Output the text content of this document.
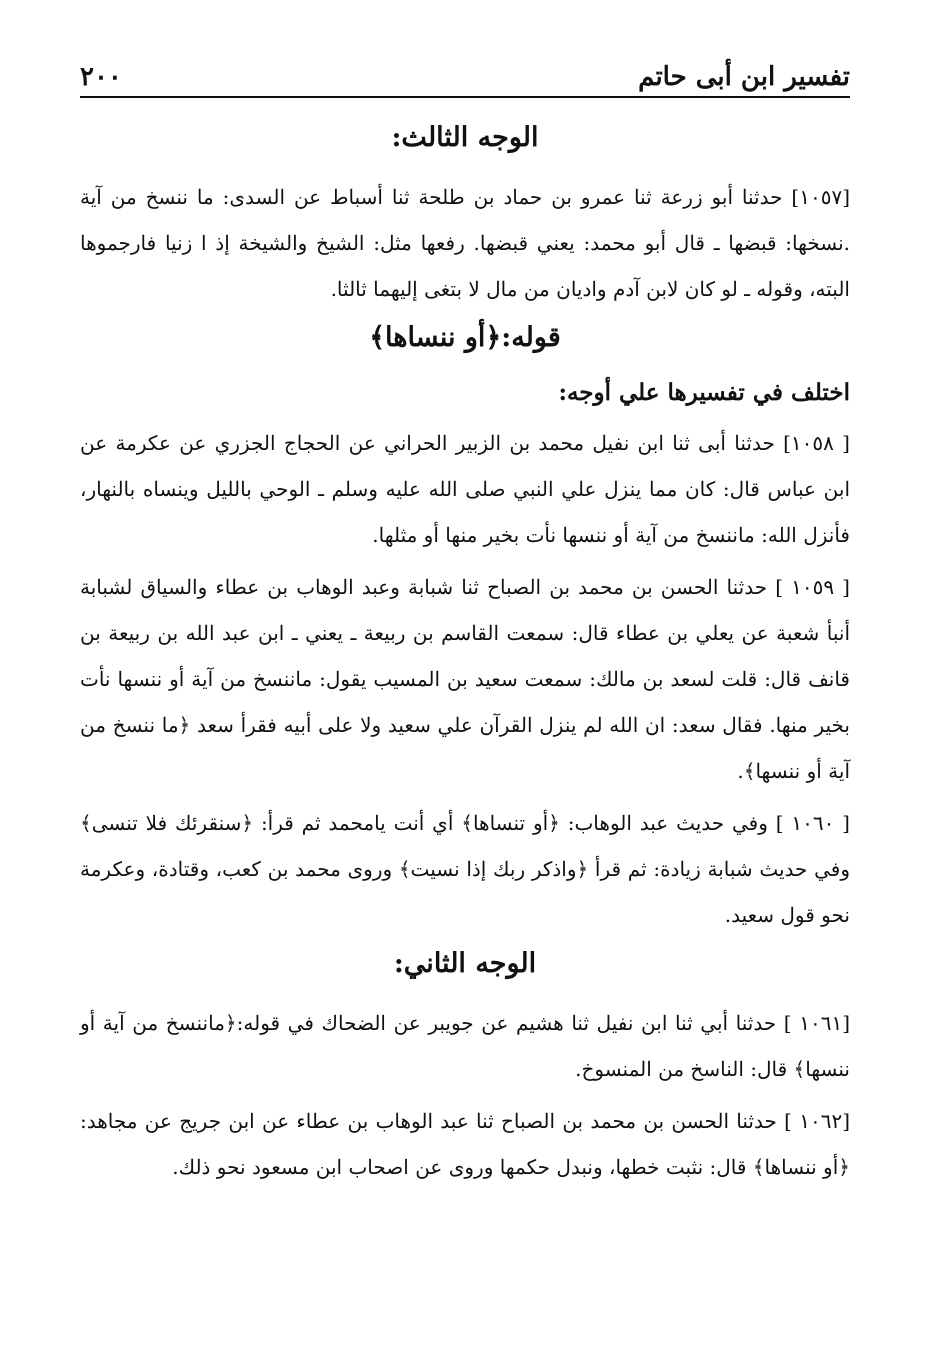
تفسير ابن أبى حاتم
٢٠٠
الوجه الثالث:

[١٠٥٧] حدثنا أبو زرعة ثنا عمرو بن حماد بن طلحة ثنا أسباط عن السدى: ما ننسخ من آية .نسخها: قبضها ـ قال أبو محمد: يعني قبضها. رفعها مثل: الشيخ والشيخة إذ ا زنيا فارجموها البته، وقوله ـ لو كان لابن آدم واديان من مال لا بتغى إليهما ثالثا.

قوله:﴿أو ننساها﴾
اختلف في تفسيرها علي أوجه:

[ ١٠٥٨] حدثنا أبى ثنا ابن نفيل محمد بن الزبير الحراني عن الحجاج الجزري عن عكرمة عن ابن عباس قال: كان مما ينزل علي النبي صلى الله عليه وسلم ـ الوحي بالليل وينساه بالنهار، فأنزل الله: ماننسخ من آية أو ننسها نأت بخير منها أو مثلها.

[ ١٠٥٩ ] حدثنا الحسن بن محمد بن الصباح ثنا شبابة وعبد الوهاب بن عطاء والسياق لشبابة أنبأ شعبة عن يعلي بن عطاء قال: سمعت القاسم بن ربيعة ـ يعني ـ ابن عبد الله بن ربيعة بن قانف قال: قلت لسعد بن مالك: سمعت سعيد بن المسيب يقول: ماننسخ من آية أو ننسها نأت بخير منها. فقال سعد: ان الله لم ينزل القرآن علي سعيد ولا على أبيه فقرأ سعد ﴿ما ننسخ من آية أو ننسها﴾.

[ ١٠٦٠ ] وفي حديث عبد الوهاب: ﴿أو تنساها﴾ أي أنت يامحمد ثم قرأ: ﴿سنقرئك فلا تنسى﴾ وفي حديث شبابة زيادة: ثم قرأ ﴿واذكر ربك إذا نسيت﴾ وروى محمد بن كعب، وقتادة، وعكرمة نحو قول سعيد.

الوجه الثاني:

[١٠٦١ ] حدثنا أبي ثنا ابن نفيل ثنا هشيم عن جويبر عن الضحاك في قوله:﴿ماننسخ من آية أو ننسها﴾ قال: الناسخ من المنسوخ.

[١٠٦٢ ] حدثنا الحسن بن محمد بن الصباح ثنا عبد الوهاب بن عطاء عن ابن جريج عن مجاهد: ﴿أو ننساها﴾ قال: نثبت خطها، ونبدل حكمها وروى عن اصحاب ابن مسعود نحو ذلك.
